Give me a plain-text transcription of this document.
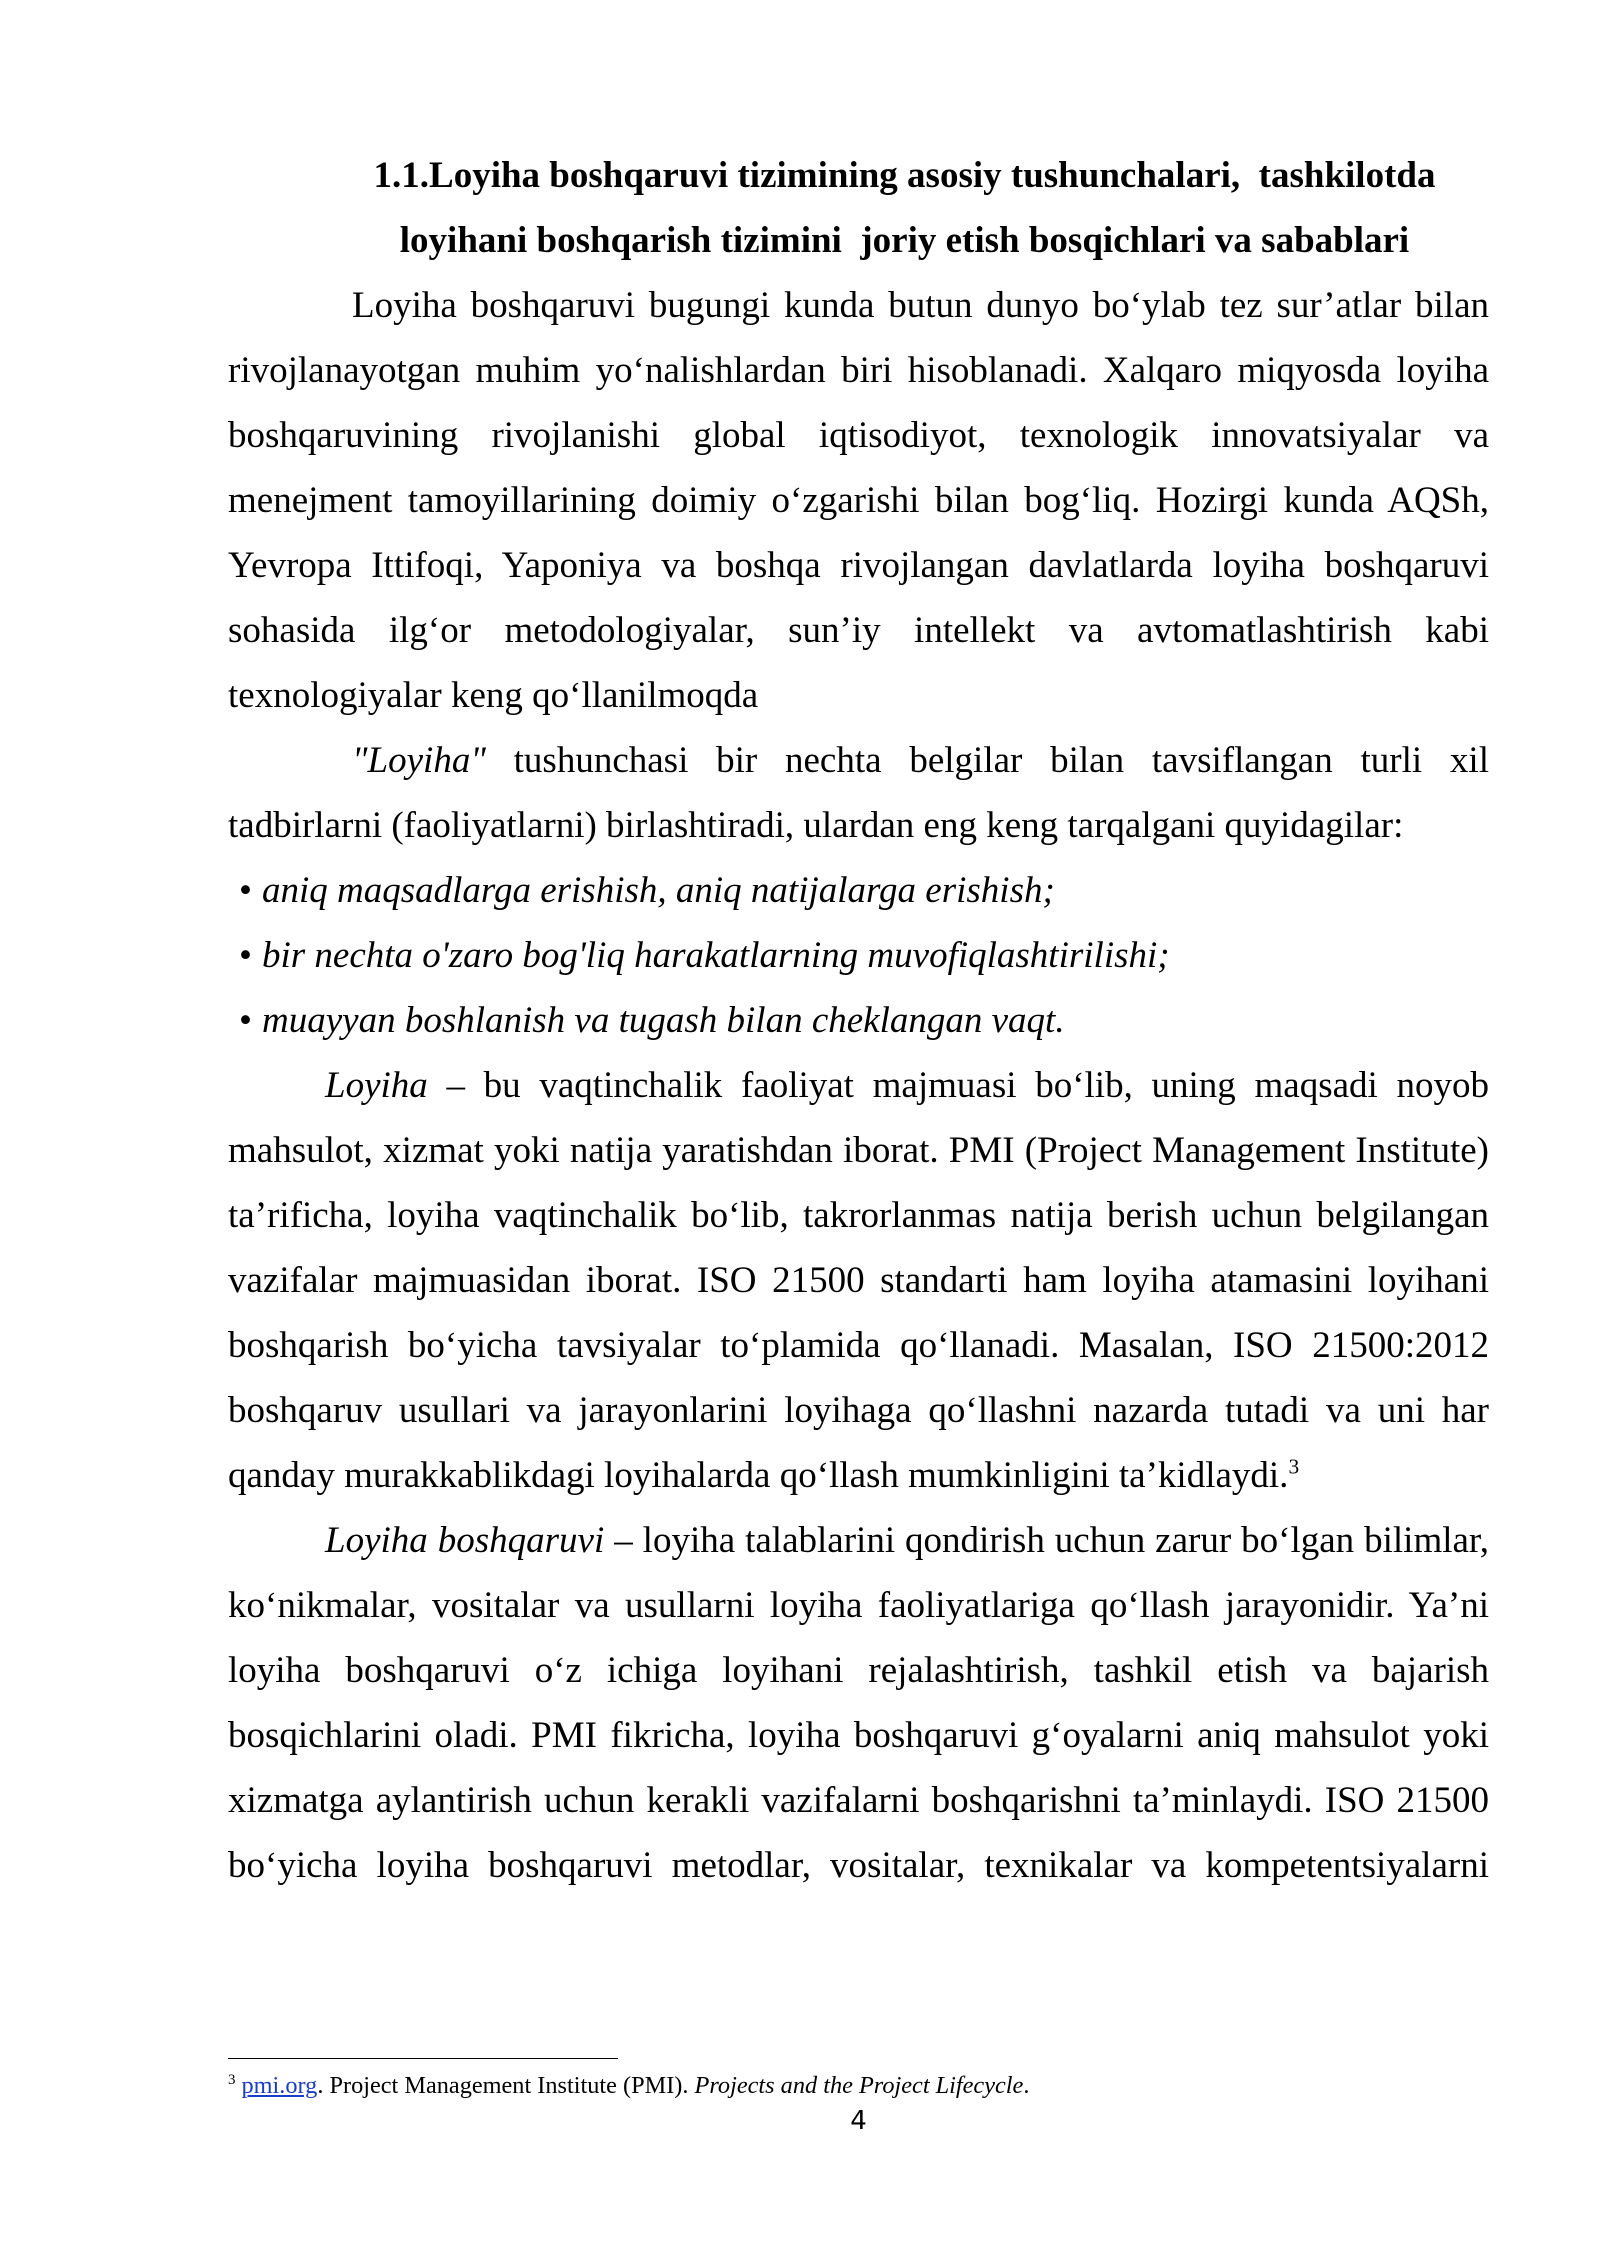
1.1.Loyiha boshqaruvi tizimining asosiy tushunchalari,  tashkilotda
loyihani boshqarish tizimini  joriy etish bosqichlari va sabablari
Loyiha boshqaruvi bugungi kunda butun dunyo bo‘ylab tez sur’atlar bilan
rivojlanayotgan muhim yo‘nalishlardan biri hisoblanadi. Xalqaro miqyosda loyiha
boshqaruvining rivojlanishi global iqtisodiyot, texnologik innovatsiyalar va
menejment tamoyillarining doimiy o‘zgarishi bilan bog‘liq. Hozirgi kunda AQSh,
Yevropa Ittifoqi, Yaponiya va boshqa rivojlangan davlatlarda loyiha boshqaruvi
sohasida ilg‘or metodologiyalar, sun’iy intellekt va avtomatlashtirish kabi
texnologiyalar keng qo‘llanilmoqda
"Loyiha" tushunchasi bir nechta belgilar bilan tavsiflangan turli xil
tadbirlarni (faoliyatlarni) birlashtiradi, ulardan eng keng tarqalgani quyidagilar:
• aniq maqsadlarga erishish, aniq natijalarga erishish;
• bir nechta o'zaro bog'liq harakatlarning muvofiqlashtirilishi;
• muayyan boshlanish va tugash bilan cheklangan vaqt.
Loyiha – bu vaqtinchalik faoliyat majmuasi bo‘lib, uning maqsadi noyob
mahsulot, xizmat yoki natija yaratishdan iborat. PMI (Project Management Institute)
ta’rificha, loyiha vaqtinchalik bo‘lib, takrorlanmas natija berish uchun belgilangan
vazifalar majmuasidan iborat. ISO 21500 standarti ham loyiha atamasini loyihani
boshqarish bo‘yicha tavsiyalar to‘plamida qo‘llanadi. Masalan, ISO 21500:2012
boshqaruv usullari va jarayonlarini loyihaga qo‘llashni nazarda tutadi va uni har
qanday murakkablikdagi loyihalarda qo‘llash mumkinligini ta’kidlaydi.$^3$
Loyiha boshqaruvi – loyiha talablarini qondirish uchun zarur bo‘lgan bilimlar,
ko‘nikmalar, vositalar va usullarni loyiha faoliyatlariga qo‘llash jarayonidir. Ya’ni
loyiha boshqaruvi o‘z ichiga loyihani rejalashtirish, tashkil etish va bajarish
bosqichlarini oladi. PMI fikricha, loyiha boshqaruvi g‘oyalarni aniq mahsulot yoki
xizmatga aylantirish uchun kerakli vazifalarni boshqarishni ta’minlaydi. ISO 21500
bo‘yicha loyiha boshqaruvi metodlar, vositalar, texnikalar va kompetentsiyalarni
$^3$ pmi.org. Project Management Institute (PMI). Projects and the Project Lifecycle.
4
